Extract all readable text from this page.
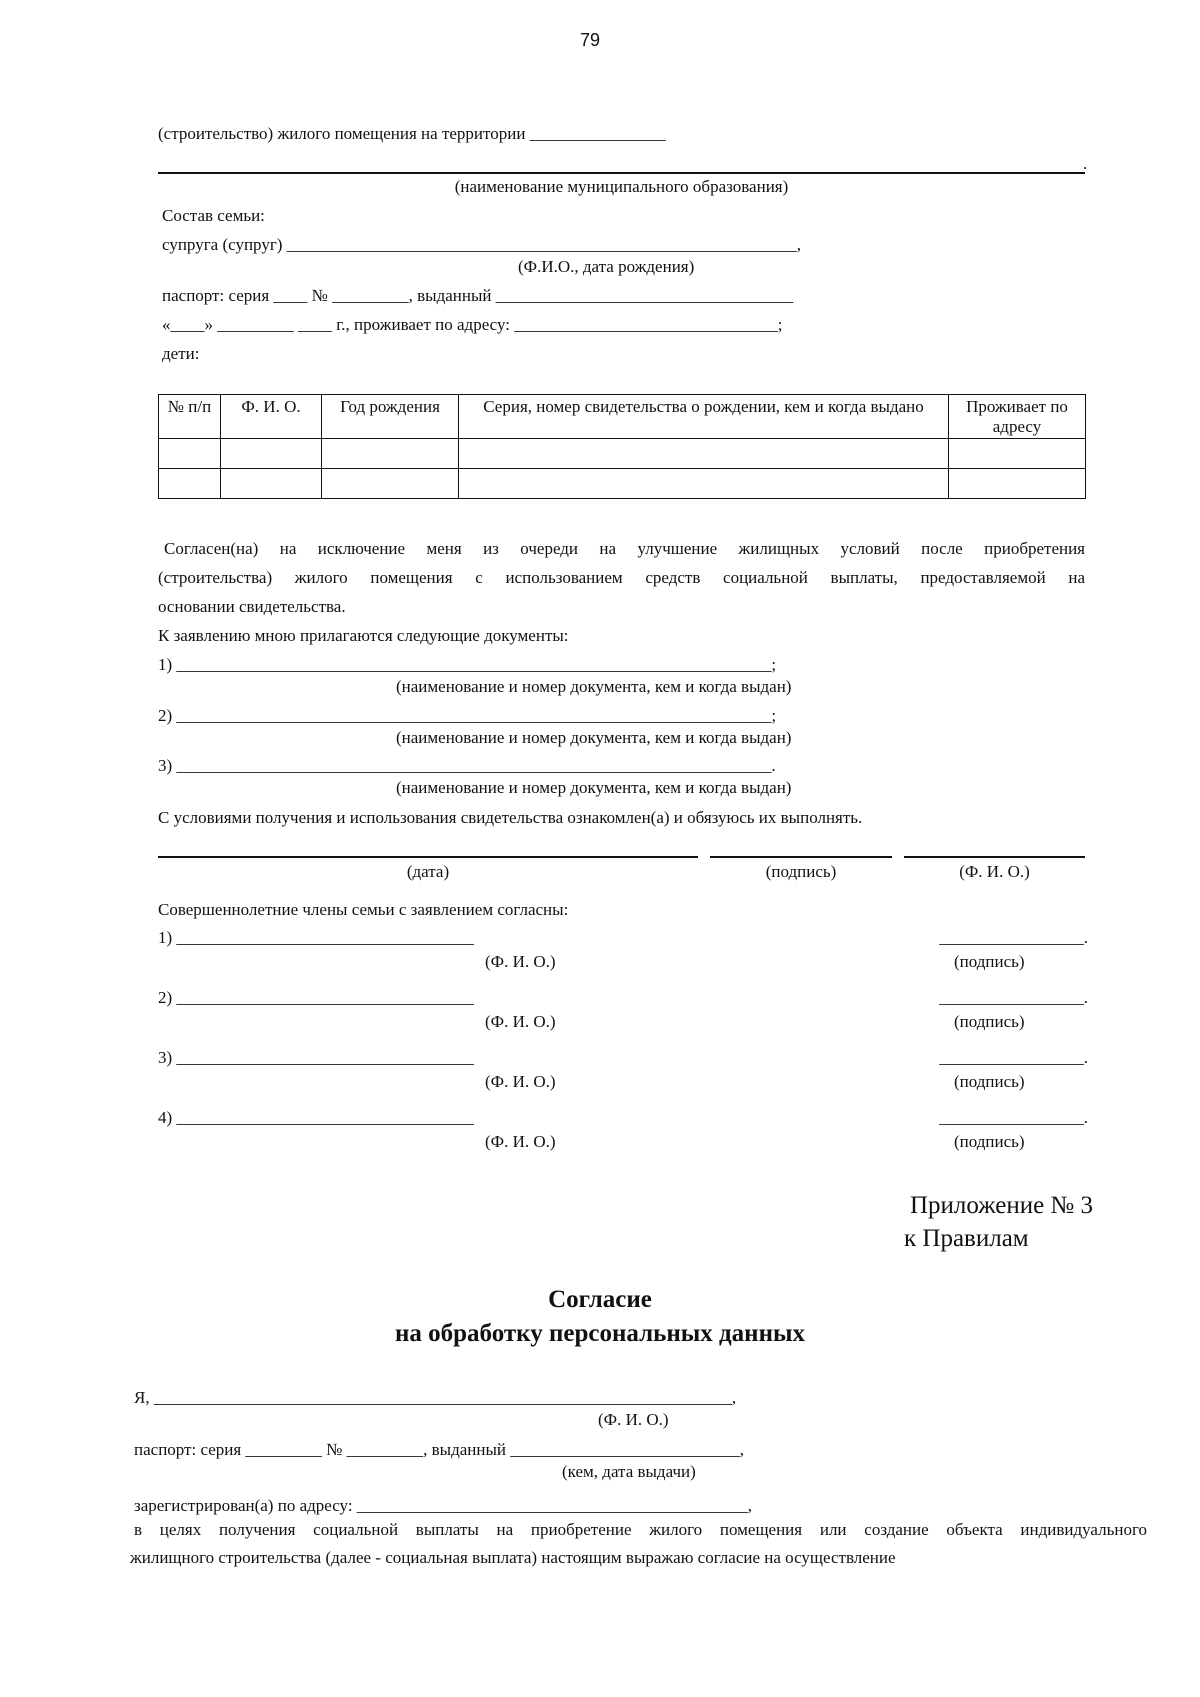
79
(строительство) жилого помещения на территории ________________
.
(наименование муниципального образования)
Состав семьи:
супруга (супруг) ____________________________________________________________,
(Ф.И.О., дата рождения)
паспорт: серия ____ № _________, выданный ___________________________________
«____» _________ ____ г., проживает по адресу: _______________________________;
дети:
№ п/п	Ф. И. О.	Год рождения	Серия, номер свидетельства о рождении, кем и когда выдано	Проживает по адресу

Согласен(на) на исключение меня из очереди на улучшение жилищных условий после приобретения
(строительства) жилого помещения с использованием средств социальной выплаты, предоставляемой на
основании свидетельства.
К заявлению мною прилагаются следующие документы:
1) ______________________________________________________________________;
(наименование и номер документа, кем и когда выдан)
2) ______________________________________________________________________;
(наименование и номер документа, кем и когда выдан)
3) ______________________________________________________________________.
(наименование и номер документа, кем и когда выдан)
С условиями получения и использования свидетельства ознакомлен(а) и обязуюсь их выполнять.
(дата)	(подпись)	(Ф. И. О.)
Совершеннолетние члены семьи с заявлением согласны:
1) ___________________________________	_________________.
(Ф. И. О.)	(подпись)
2) ___________________________________	_________________.
(Ф. И. О.)	(подпись)
3) ___________________________________	_________________.
(Ф. И. О.)	(подпись)
4) ___________________________________	_________________.
(Ф. И. О.)	(подпись)
Приложение № 3
к Правилам
Согласие
на обработку персональных данных
Я, ____________________________________________________________________,
(Ф. И. О.)
паспорт: серия _________ № _________, выданный ___________________________,
(кем, дата выдачи)
зарегистрирован(а) по адресу: ______________________________________________,
в целях получения социальной выплаты на приобретение жилого помещения или создание объекта индивидуального
жилищного строительства (далее - социальная выплата) настоящим выражаю согласие на осуществление
